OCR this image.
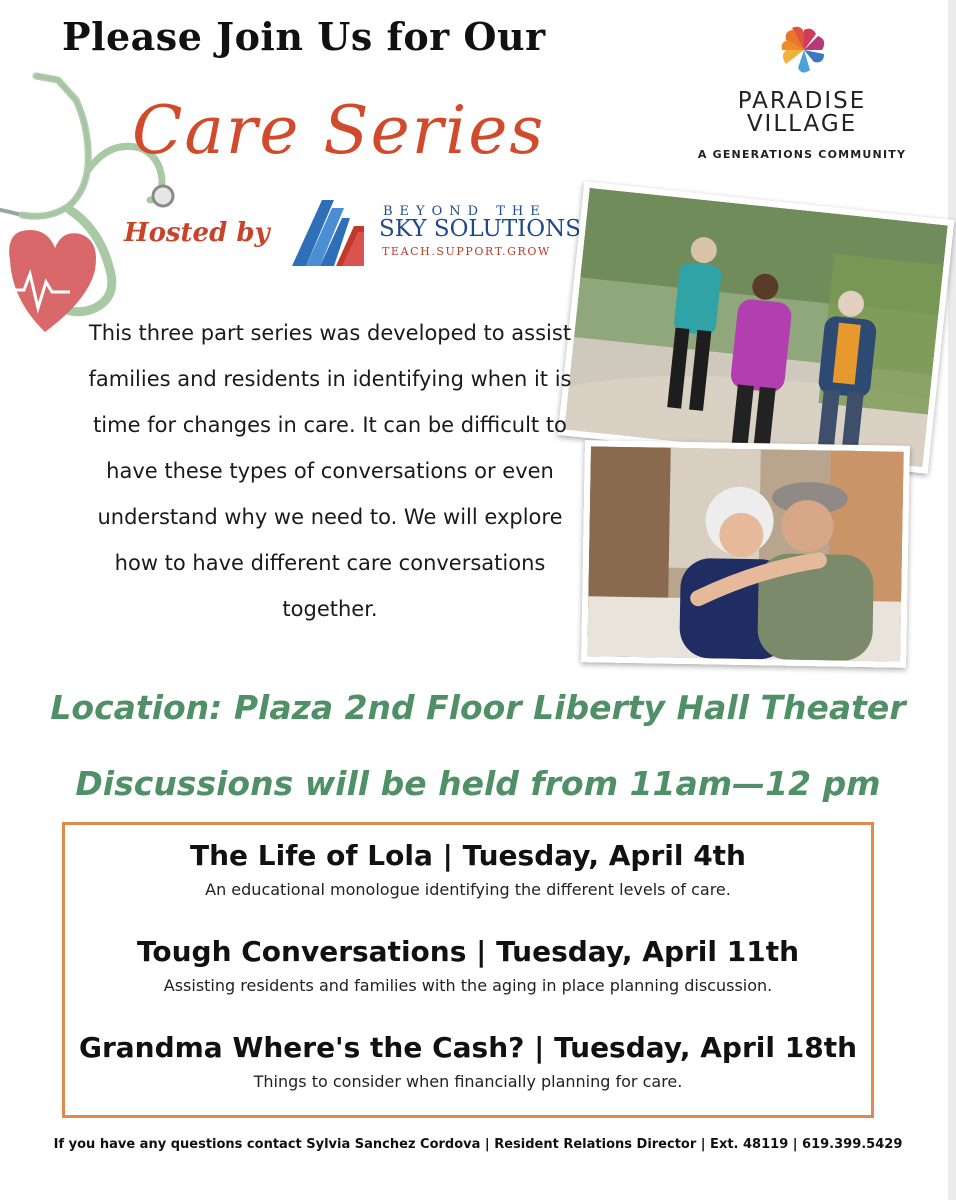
Please Join Us for Our
Care Series
Hosted by
BEYOND THE
SKY SOLUTIONS
TEACH.SUPPORT.GROW
PARADISE
VILLAGE
A GENERATIONS COMMUNITY
This three part series was developed to assist families and residents in identifying when it is time for changes in care. It can be difficult to have these types of conversations or even understand why we need to. We will explore how to have different care conversations together.
Location: Plaza 2nd Floor Liberty Hall Theater
Discussions will be held from 11am—12 pm
The Life of Lola | Tuesday, April 4th
An educational monologue identifying the different levels of care.
Tough Conversations | Tuesday, April 11th
Assisting residents and families with the aging in place planning discussion.
Grandma Where's the Cash? | Tuesday, April 18th
Things to consider when financially planning for care.
If you have any questions contact Sylvia Sanchez Cordova | Resident Relations Director | Ext. 48119 | 619.399.5429
